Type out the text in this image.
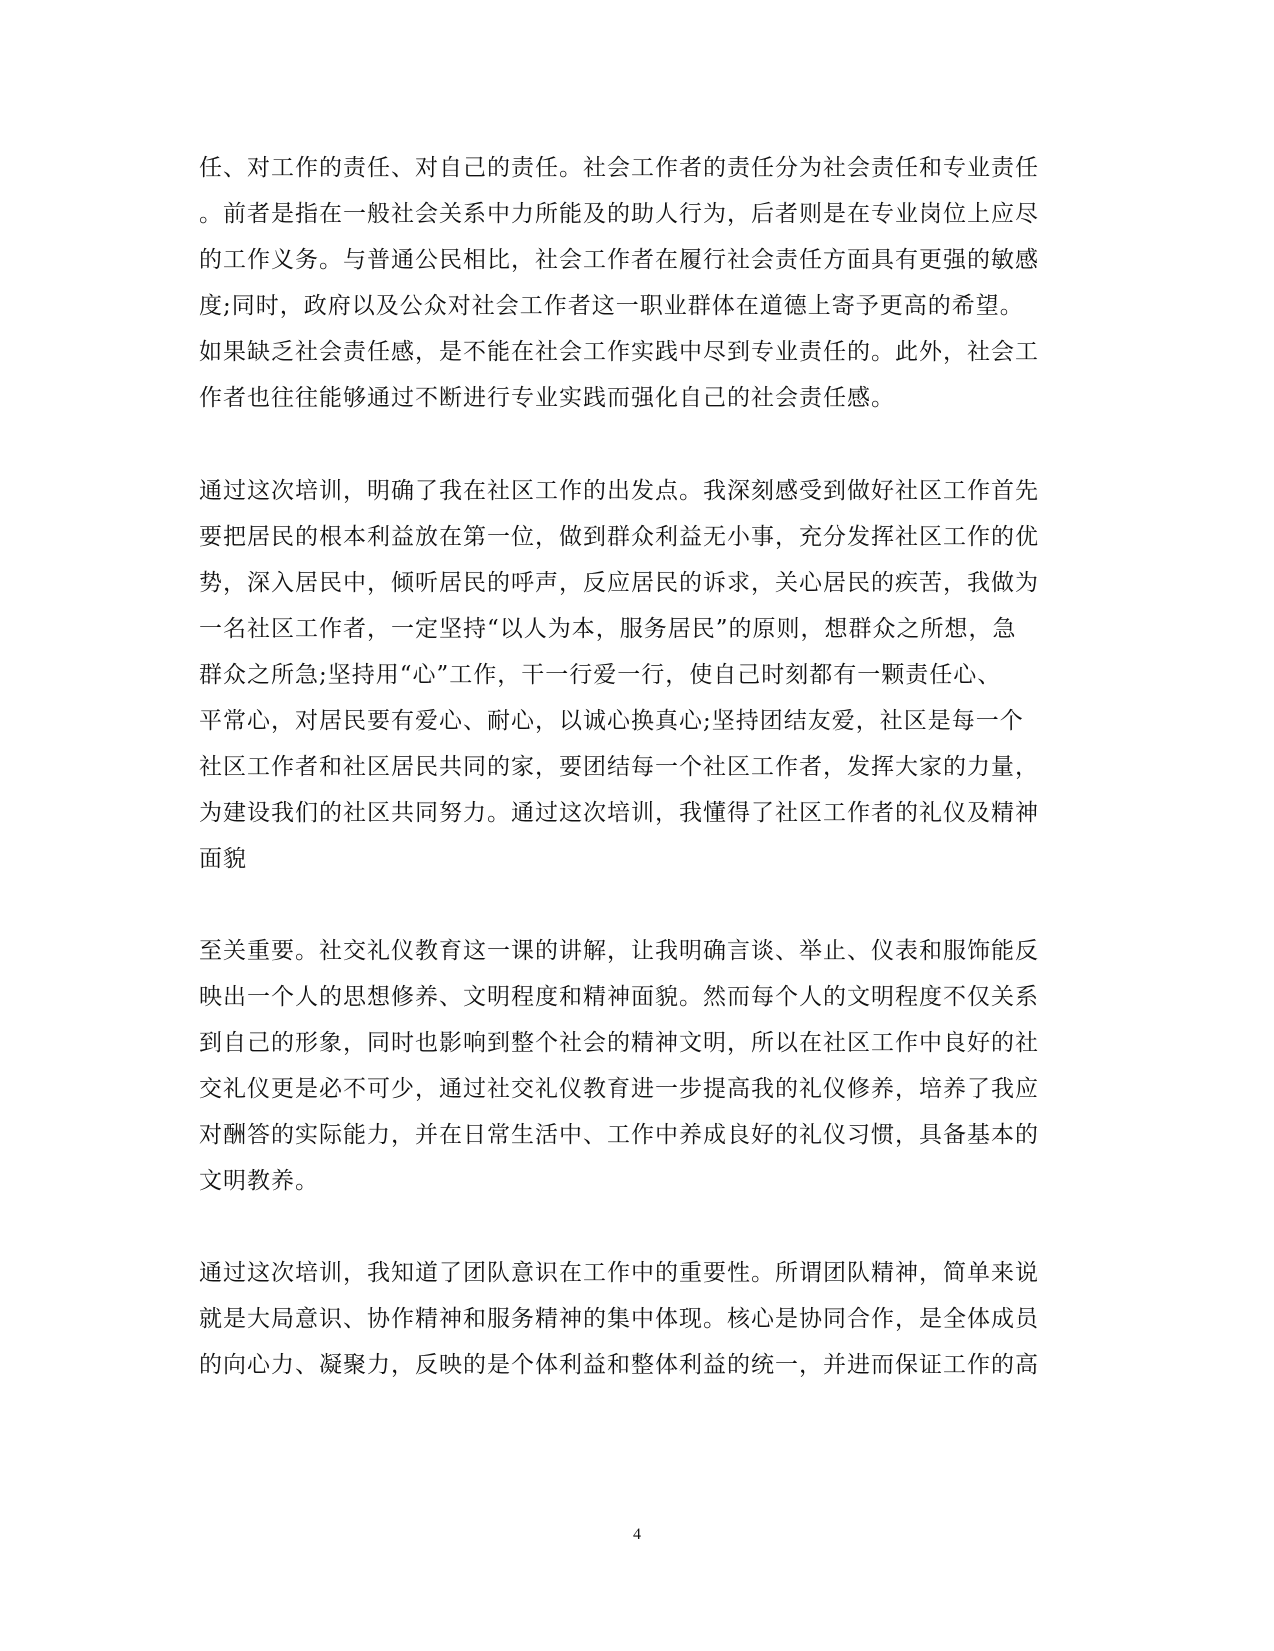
任、对工作的责任、对自己的责任。社会工作者的责任分为社会责任和专业责任
。前者是指在一般社会关系中力所能及的助人行为，后者则是在专业岗位上应尽
的工作义务。与普通公民相比，社会工作者在履行社会责任方面具有更强的敏感
度;同时，政府以及公众对社会工作者这一职业群体在道德上寄予更高的希望。
如果缺乏社会责任感，是不能在社会工作实践中尽到专业责任的。此外，社会工
作者也往往能够通过不断进行专业实践而强化自己的社会责任感。
通过这次培训，明确了我在社区工作的出发点。我深刻感受到做好社区工作首先
要把居民的根本利益放在第一位，做到群众利益无小事，充分发挥社区工作的优
势，深入居民中，倾听居民的呼声，反应居民的诉求，关心居民的疾苦，我做为
一名社区工作者，一定坚持“以人为本，服务居民”的原则，想群众之所想，急
群众之所急;坚持用“心”工作，干一行爱一行，使自己时刻都有一颗责任心、
平常心，对居民要有爱心、耐心，以诚心换真心;坚持团结友爱，社区是每一个
社区工作者和社区居民共同的家，要团结每一个社区工作者，发挥大家的力量，
为建设我们的社区共同努力。通过这次培训，我懂得了社区工作者的礼仪及精神
面貌
至关重要。社交礼仪教育这一课的讲解，让我明确言谈、举止、仪表和服饰能反
映出一个人的思想修养、文明程度和精神面貌。然而每个人的文明程度不仅关系
到自己的形象，同时也影响到整个社会的精神文明，所以在社区工作中良好的社
交礼仪更是必不可少，通过社交礼仪教育进一步提高我的礼仪修养，培养了我应
对酬答的实际能力，并在日常生活中、工作中养成良好的礼仪习惯，具备基本的
文明教养。
通过这次培训，我知道了团队意识在工作中的重要性。所谓团队精神，简单来说
就是大局意识、协作精神和服务精神的集中体现。核心是协同合作，是全体成员
的向心力、凝聚力，反映的是个体利益和整体利益的统一，并进而保证工作的高
4
